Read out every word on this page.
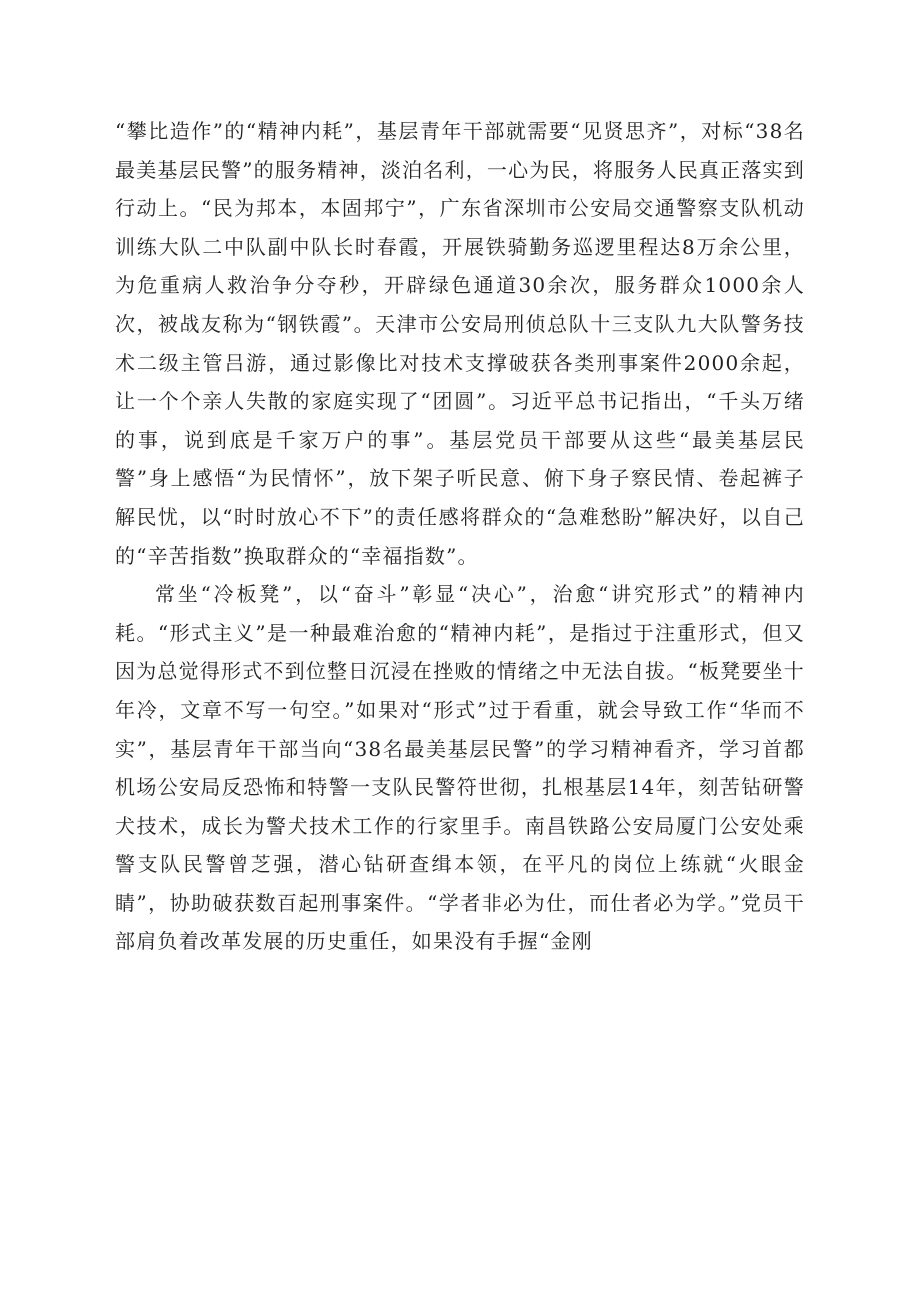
“攀比造作”的“精神内耗”，基层青年干部就需要“见贤思齐”，对标“38名最美基层民警”的服务精神，淡泊名利，一心为民，将服务人民真正落实到行动上。“民为邦本，本固邦宁”，广东省深圳市公安局交通警察支队机动训练大队二中队副中队长时春霞，开展铁骑勤务巡逻里程达8万余公里，为危重病人救治争分夺秒，开辟绿色通道30余次，服务群众1000余人次，被战友称为“钢铁霞”。天津市公安局刑侦总队十三支队九大队警务技术二级主管吕游，通过影像比对技术支撑破获各类刑事案件2000余起，让一个个亲人失散的家庭实现了“团圆”。习近平总书记指出，“千头万绪的事，说到底是千家万户的事”。基层党员干部要从这些“最美基层民警”身上感悟“为民情怀”，放下架子听民意、俯下身子察民情、卷起裤子解民忧，以“时时放心不下”的责任感将群众的“急难愁盼”解决好，以自己的“辛苦指数”换取群众的“幸福指数”。

常坐“冷板凳”，以“奋斗”彰显“决心”，治愈“讲究形式”的精神内耗。“形式主义”是一种最难治愈的“精神内耗”，是指过于注重形式，但又因为总觉得形式不到位整日沉浸在挫败的情绪之中无法自拔。“板凳要坐十年冷，文章不写一句空。”如果对“形式”过于看重，就会导致工作“华而不实”，基层青年干部当向“38名最美基层民警”的学习精神看齐，学习首都机场公安局反恐怖和特警一支队民警符世彻，扎根基层14年，刻苦钻研警犬技术，成长为警犬技术工作的行家里手。南昌铁路公安局厦门公安处乘警支队民警曾芝强，潜心钻研查缉本领，在平凡的岗位上练就“火眼金睛”，协助破获数百起刑事案件。“学者非必为仕，而仕者必为学。”党员干部肩负着改革发展的历史重任，如果没有手握“金刚
